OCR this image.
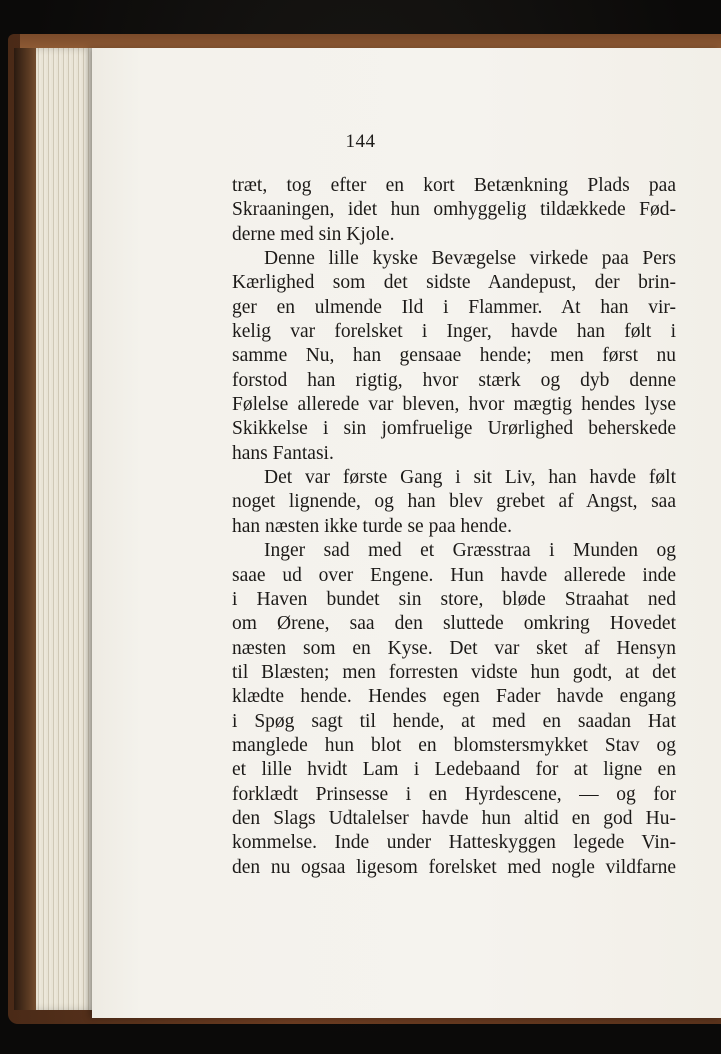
144
træt, tog efter en kort Betænkning Plads paa
Skraaningen, idet hun omhyggelig tildækkede Fød-
derne med sin Kjole.
Denne lille kyske Bevægelse virkede paa Pers
Kærlighed som det sidste Aandepust, der brin-
ger en ulmende Ild i Flammer. At han vir-
kelig var forelsket i Inger, havde han følt i
samme Nu, han gensaae hende; men først nu
forstod han rigtig, hvor stærk og dyb denne
Følelse allerede var bleven, hvor mægtig hendes lyse
Skikkelse i sin jomfruelige Urørlighed beherskede
hans Fantasi.
Det var første Gang i sit Liv, han havde følt
noget lignende, og han blev grebet af Angst, saa
han næsten ikke turde se paa hende.
Inger sad med et Græsstraa i Munden og
saae ud over Engene. Hun havde allerede inde
i Haven bundet sin store, bløde Straahat ned
om Ørene, saa den sluttede omkring Hovedet
næsten som en Kyse. Det var sket af Hensyn
til Blæsten; men forresten vidste hun godt, at det
klædte hende. Hendes egen Fader havde engang
i Spøg sagt til hende, at med en saadan Hat
manglede hun blot en blomstersmykket Stav og
et lille hvidt Lam i Ledebaand for at ligne en
forklædt Prinsesse i en Hyrdescene, — og for
den Slags Udtalelser havde hun altid en god Hu-
kommelse. Inde under Hatteskyggen legede Vin-
den nu ogsaa ligesom forelsket med nogle vildfarne
